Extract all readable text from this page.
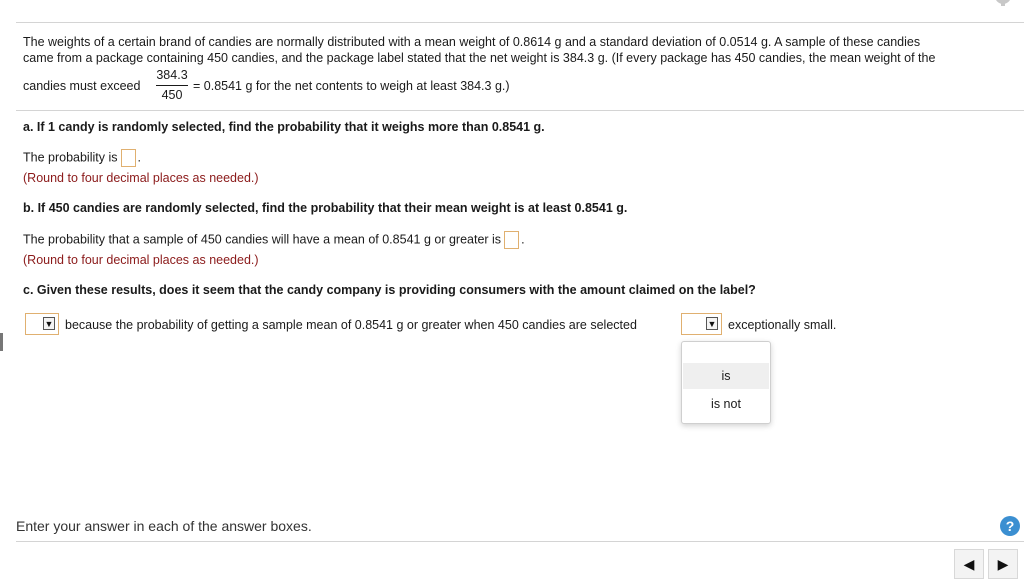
The weights of a certain brand of candies are normally distributed with a mean weight of 0.8614 g and a standard deviation of 0.0514 g. A sample of these candies
came from a package containing 450 candies, and the package label stated that the net weight is 384.3 g. (If every package has 450 candies, the mean weight of the
candies must exceed
384.3
450
= 0.8541 g for the net contents to weigh at least 384.3 g.)
a. If 1 candy is randomly selected, find the probability that it weighs more than 0.8541 g.
The probability is .
(Round to four decimal places as needed.)
b. If 450 candies are randomly selected, find the probability that their mean weight is at least 0.8541 g.
The probability that a sample of 450 candies will have a mean of 0.8541 g or greater is .
(Round to four decimal places as needed.)
c. Given these results, does it seem that the candy company is providing consumers with the amount claimed on the label?
▼ because the probability of getting a sample mean of 0.8541 g or greater when 450 candies are selected	▼ exceptionally small.
is
is not
Enter your answer in each of the answer boxes.	?
◀	▶
